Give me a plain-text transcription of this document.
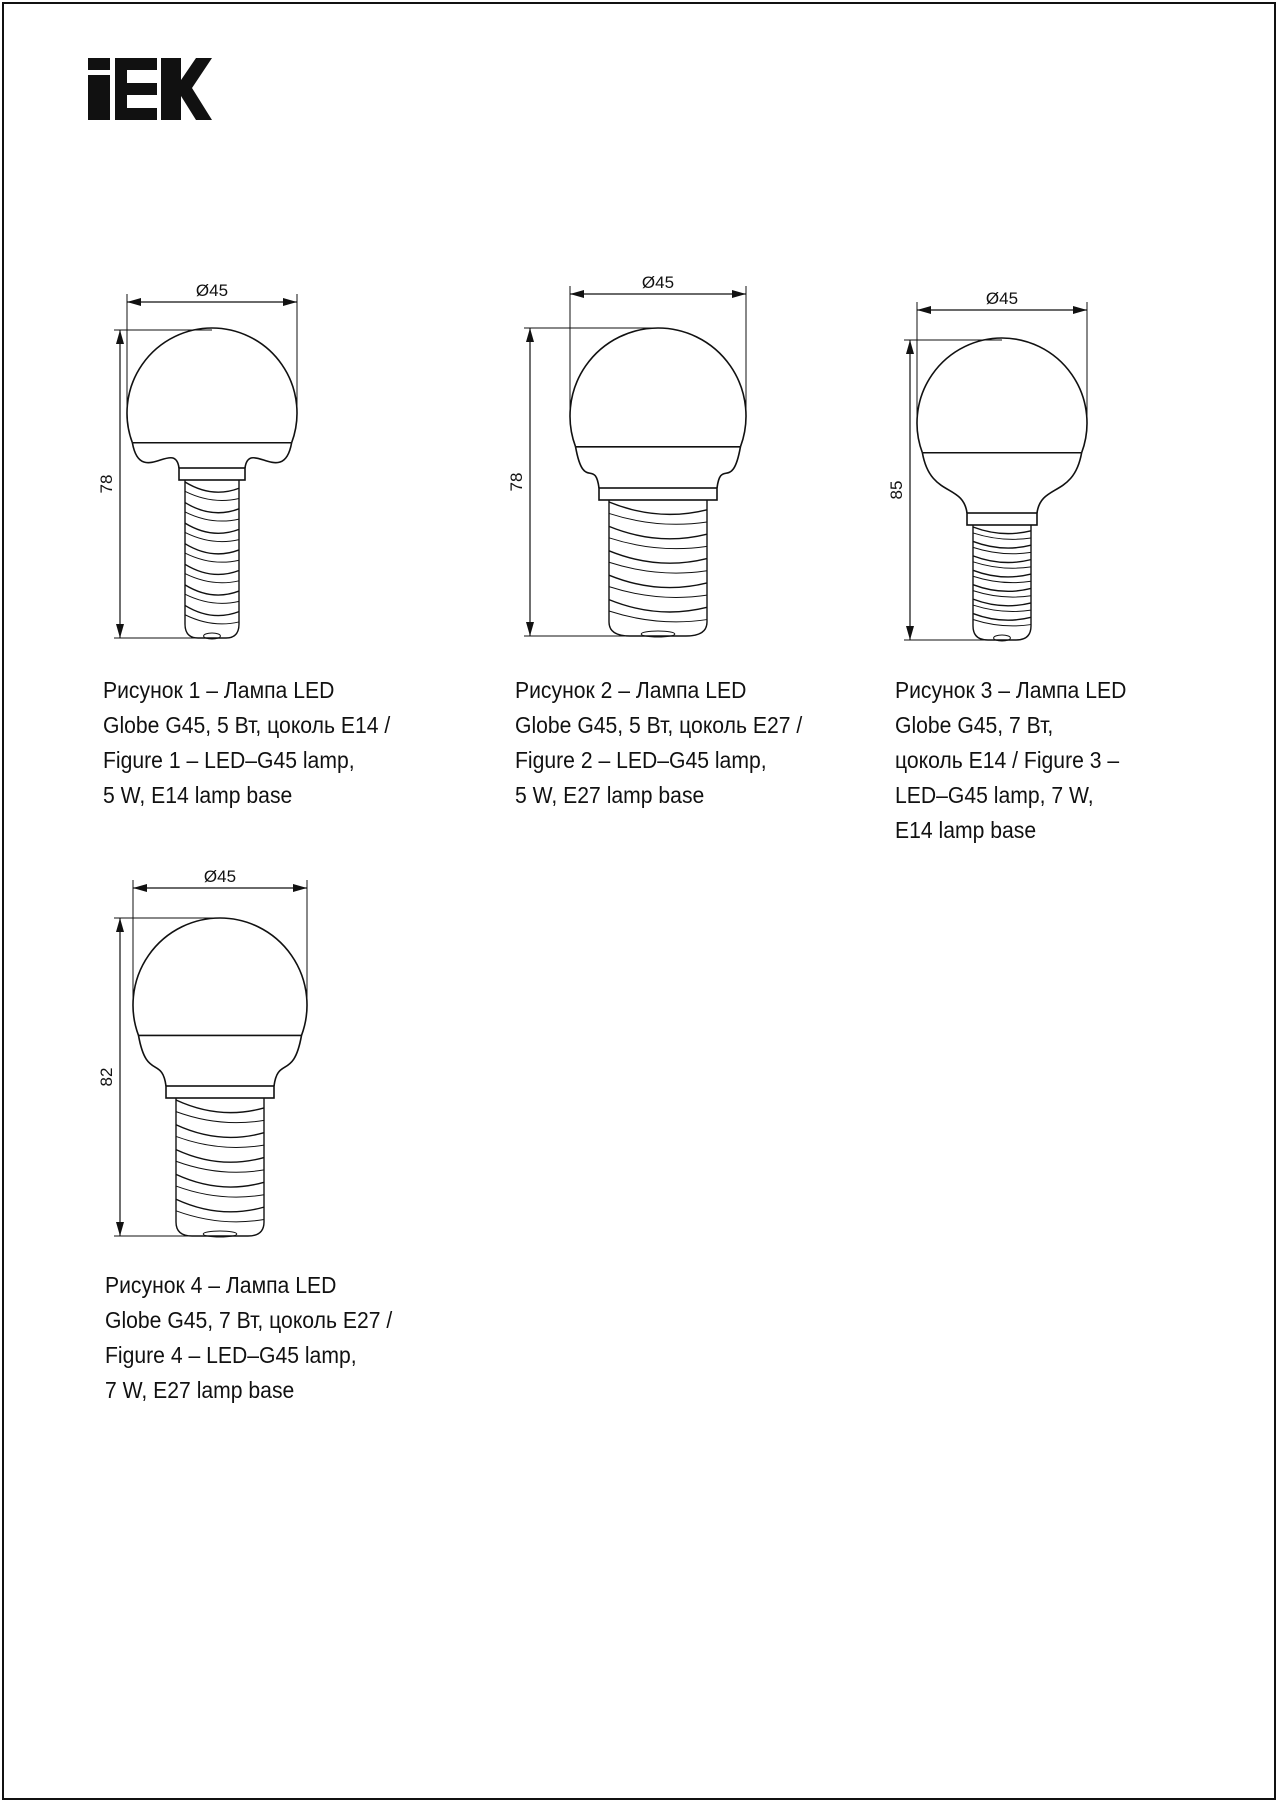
Ø45
78
Рисунок 1 – Лампа LED
Globe G45, 5 Вт, цоколь E14 /
Figure 1 – LED–G45 lamp,
5 W, E14 lamp base
Ø45
78
Рисунок 2 – Лампа LED
Globe G45, 5 Вт, цоколь E27 /
Figure 2 – LED–G45 lamp,
5 W, E27 lamp base
Ø45
85
Рисунок 3 – Лампа LED
Globe G45, 7 Вт,
цоколь E14 / Figure 3 –
LED–G45 lamp, 7 W,
E14 lamp base
Ø45
82
Рисунок 4 – Лампа LED
Globe G45, 7 Вт, цоколь E27 /
Figure 4 – LED–G45 lamp,
7 W, E27 lamp base
